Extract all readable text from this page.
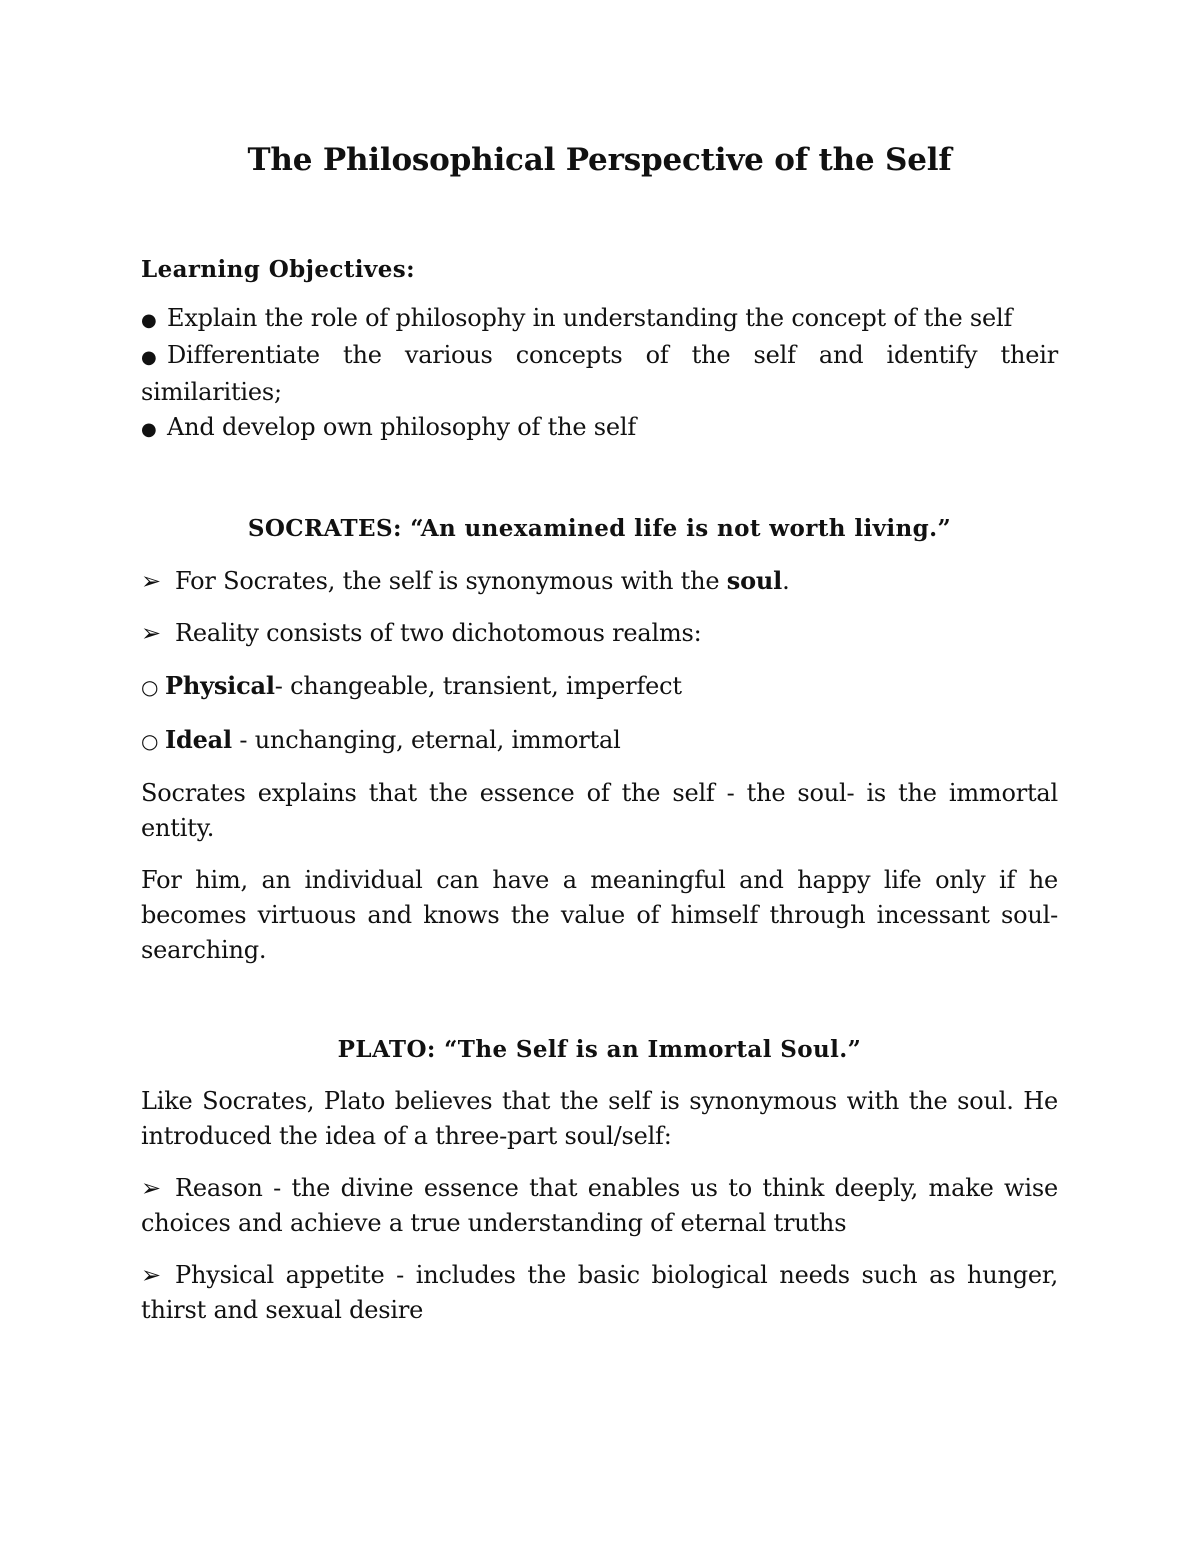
The Philosophical Perspective of the Self
Learning Objectives:

● Explain the role of philosophy in understanding the concept of the self

● Differentiate the various concepts of the self and identify their similarities;

● And develop own philosophy of the self

SOCRATES: “An unexamined life is not worth living.”

➢ For Socrates, the self is synonymous with the soul.

➢ Reality consists of two dichotomous realms:

○ Physical- changeable, transient, imperfect

○ Ideal - unchanging, eternal, immortal

Socrates explains that the essence of the self - the soul- is the immortal entity.

For him, an individual can have a meaningful and happy life only if he becomes virtuous and knows the value of himself through incessant soul-searching.

PLATO: “The Self is an Immortal Soul.”

Like Socrates, Plato believes that the self is synonymous with the soul. He introduced the idea of a three-part soul/self:

➢ Reason - the divine essence that enables us to think deeply, make wise choices and achieve a true understanding of eternal truths

➢ Physical appetite - includes the basic biological needs such as hunger, thirst and sexual desire
